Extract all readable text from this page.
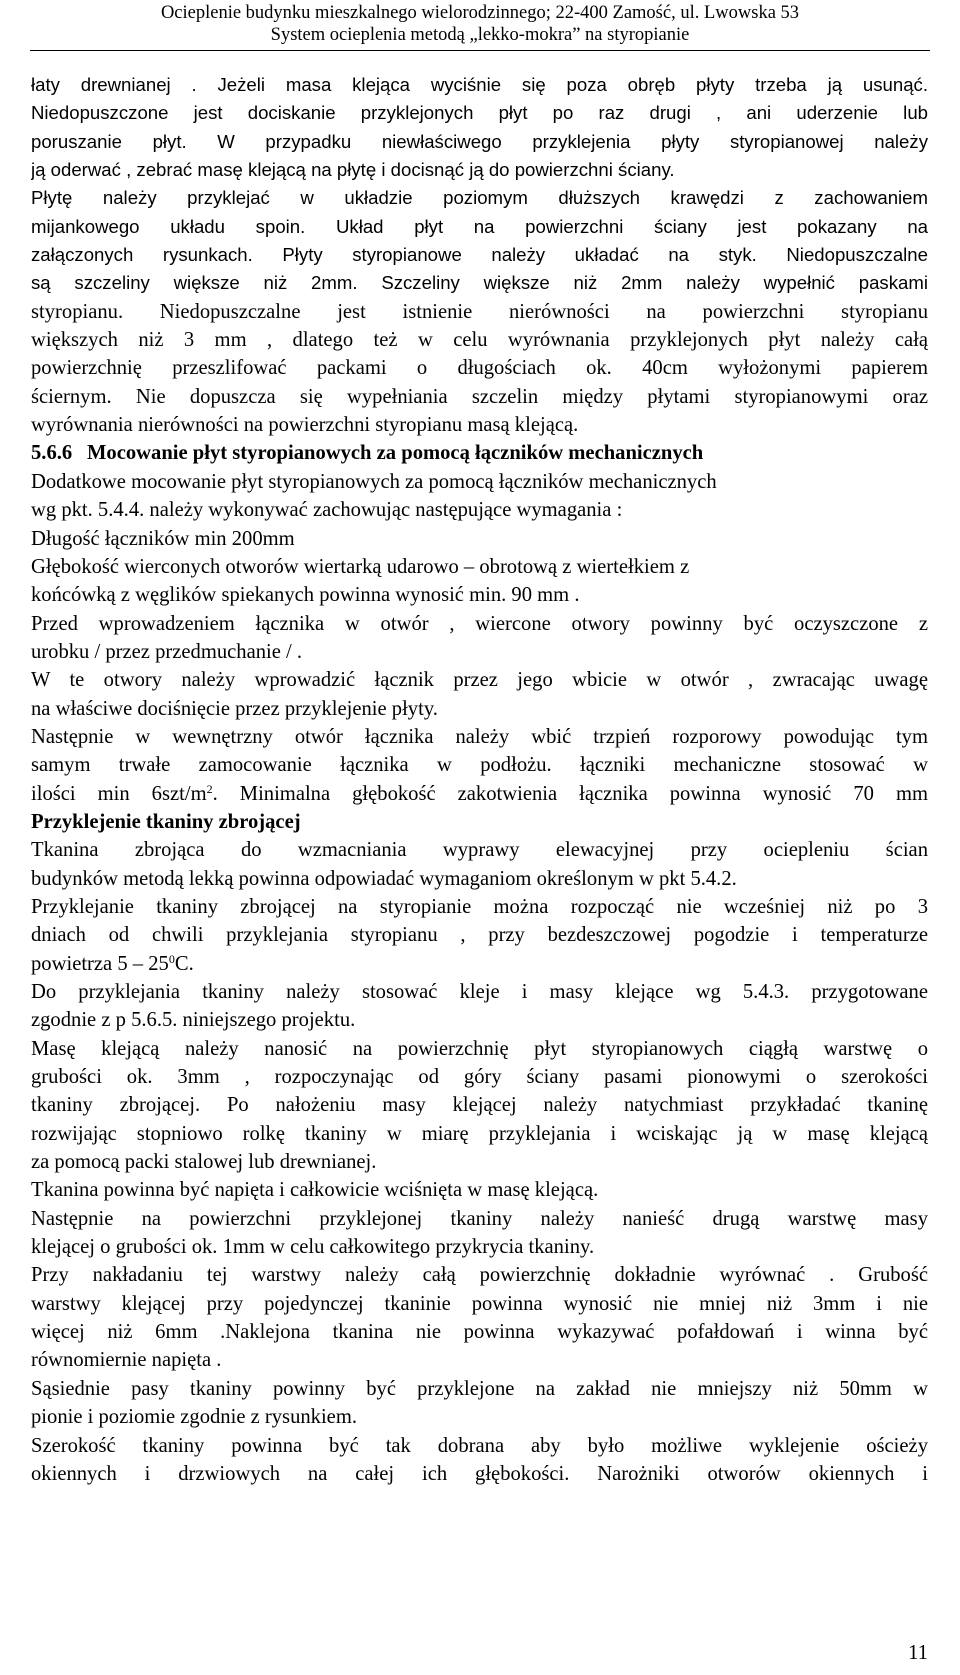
Ocieplenie budynku mieszkalnego wielorodzinnego; 22-400 Zamość, ul. Lwowska 53
System ocieplenia metodą „lekko-mokra” na styropianie
łaty drewnianej . Jeżeli masa klejąca wyciśnie się poza obręb płyty trzeba ją usunąć.
Niedopuszczone jest dociskanie przyklejonych płyt po raz drugi , ani uderzenie lub
poruszanie płyt. W przypadku niewłaściwego przyklejenia płyty styropianowej należy
ją oderwać , zebrać masę klejącą na płytę i docisnąć ją do powierzchni ściany.
Płytę należy przyklejać w układzie poziomym dłuższych krawędzi z zachowaniem
mijankowego układu spoin. Układ płyt na powierzchni ściany jest pokazany na
załączonych rysunkach. Płyty styropianowe należy układać na styk. Niedopuszczalne
są szczeliny większe niż 2mm. Szczeliny większe niż 2mm należy wypełnić paskami
styropianu. Niedopuszczalne jest istnienie nierówności na powierzchni styropianu
większych niż 3 mm , dlatego też w celu wyrównania przyklejonych płyt należy całą
powierzchnię przeszlifować packami o długościach ok. 40cm wyłożonymi papierem
ściernym. Nie dopuszcza się wypełniania szczelin między płytami styropianowymi oraz
wyrównania nierówności na powierzchni styropianu masą klejącą.
5.6.6 Mocowanie płyt styropianowych za pomocą łączników mechanicznych
Dodatkowe mocowanie płyt styropianowych za pomocą łączników mechanicznych
wg pkt. 5.4.4. należy wykonywać zachowując następujące wymagania :
Długość łączników min 200mm
Głębokość wierconych otworów wiertarką udarowo – obrotową z wiertełkiem z
końcówką z węglików spiekanych powinna wynosić min. 90 mm .
Przed wprowadzeniem łącznika w otwór , wiercone otwory powinny być oczyszczone z
urobku / przez przedmuchanie / .
W te otwory należy wprowadzić łącznik przez jego wbicie w otwór , zwracając uwagę
na właściwe dociśnięcie przez przyklejenie płyty.
Następnie w wewnętrzny otwór łącznika należy wbić trzpień rozporowy powodując tym
samym trwałe zamocowanie łącznika w podłożu. łączniki mechaniczne stosować w
ilości $\min 6szt/m^2$. Minimalna głębokość zakotwienia łącznika powinna wynosić 70 mm
Przyklejenie tkaniny zbrojącej
Tkanina zbrojąca do wzmacniania wyprawy elewacyjnej przy ociepleniu ścian
budynków metodą lekką powinna odpowiadać wymaganiom określonym w pkt 5.4.2.
Przyklejanie tkaniny zbrojącej na styropianie można rozpocząć nie wcześniej niż po 3
dniach od chwili przyklejania styropianu , przy bezdeszczowej pogodzie i temperaturze
powietrza $5 - 25^0C$.
Do przyklejania tkaniny należy stosować kleje i masy klejące wg 5.4.3. przygotowane
zgodnie z p 5.6.5. niniejszego projektu.
Masę klejącą należy nanosić na powierzchnię płyt styropianowych ciągłą warstwę o
grubości ok. 3mm , rozpoczynając od góry ściany pasami pionowymi o szerokości
tkaniny zbrojącej. Po nałożeniu masy klejącej należy natychmiast przykładać tkaninę
rozwijając stopniowo rolkę tkaniny w miarę przyklejania i wciskając ją w masę klejącą
za pomocą packi stalowej lub drewnianej.
Tkanina powinna być napięta i całkowicie wciśnięta w masę klejącą.
Następnie na powierzchni przyklejonej tkaniny należy nanieść drugą warstwę masy
klejącej o grubości ok. 1mm w celu całkowitego przykrycia tkaniny.
Przy nakładaniu tej warstwy należy całą powierzchnię dokładnie wyrównać . Grubość
warstwy klejącej przy pojedynczej tkaninie powinna wynosić nie mniej niż 3mm i nie
więcej niż 6mm .Naklejona tkanina nie powinna wykazywać pofałdowań i winna być
równomiernie napięta .
Sąsiednie pasy tkaniny powinny być przyklejone na zakład nie mniejszy niż 50mm w
pionie i poziomie zgodnie z rysunkiem.
Szerokość tkaniny powinna być tak dobrana aby było możliwe wyklejenie ościeży
okiennych i drzwiowych na całej ich głębokości. Narożniki otworów okiennych i
11
